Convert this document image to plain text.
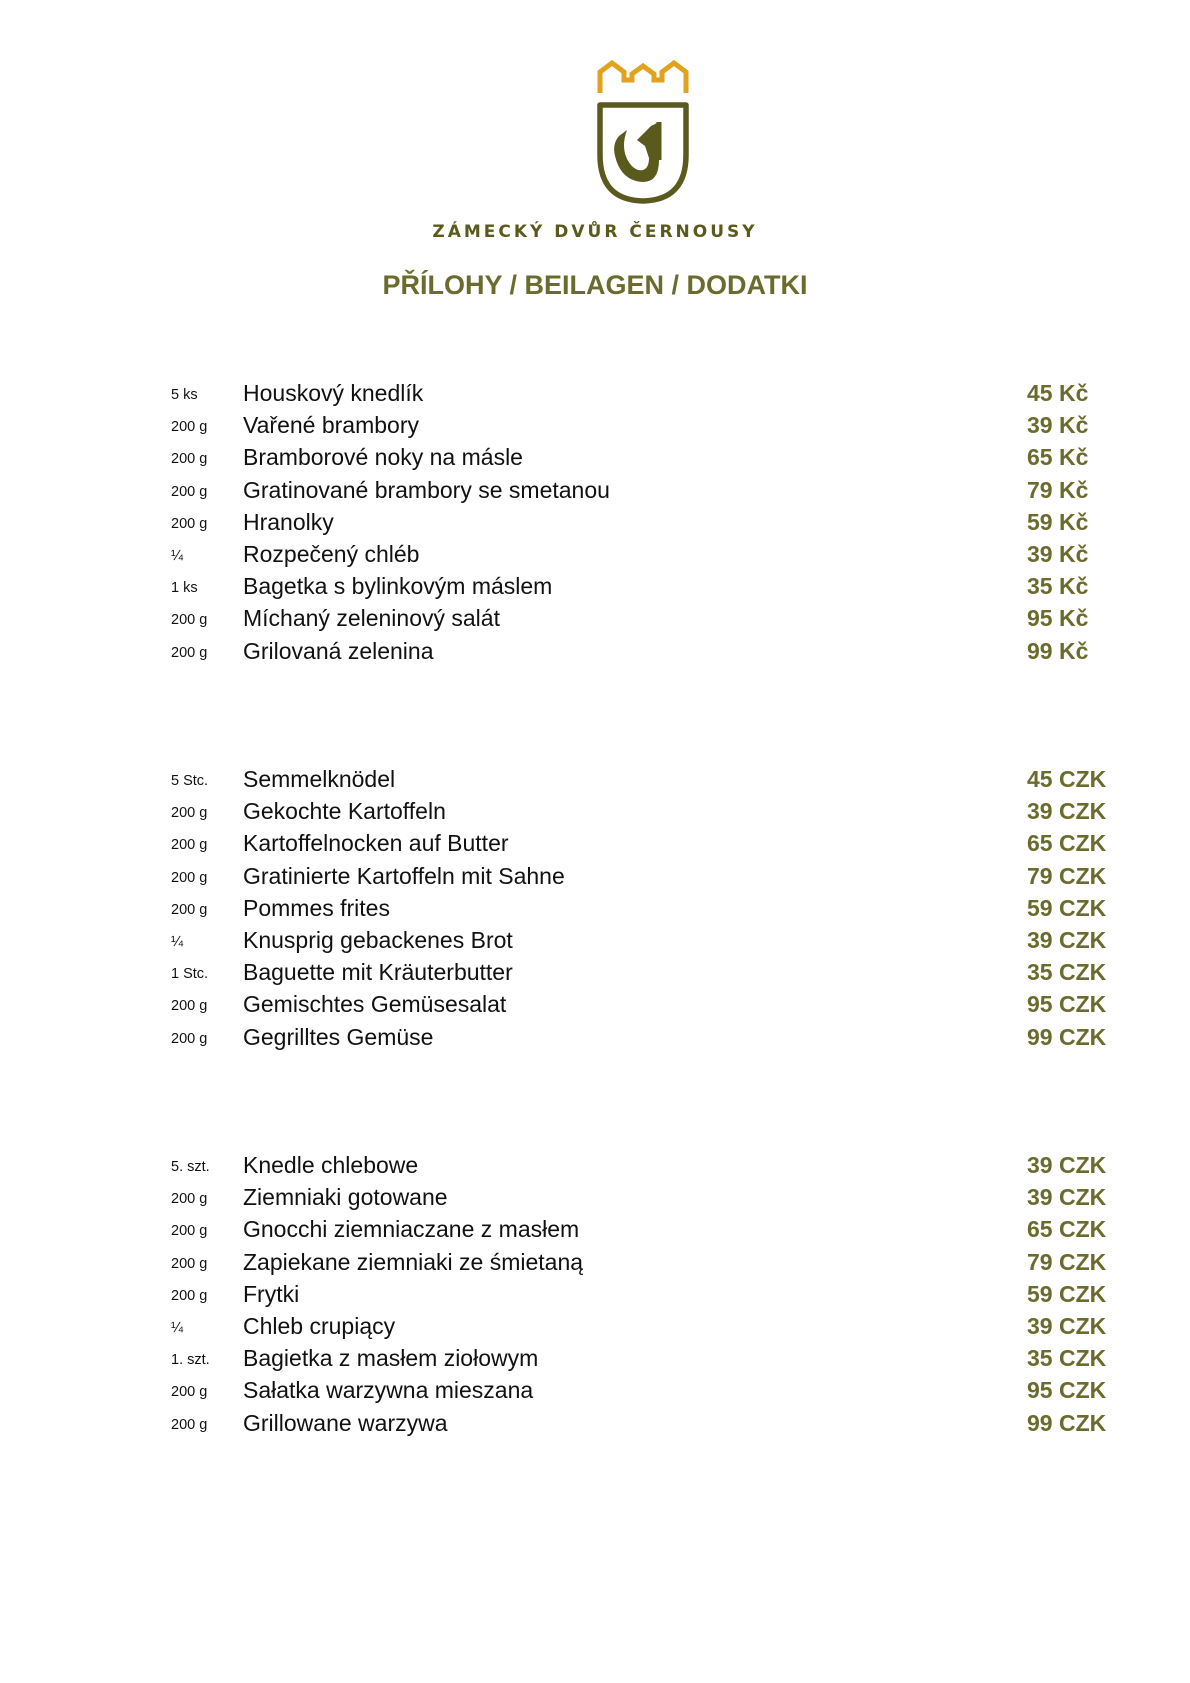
ZÁMECKÝ DVŮR ČERNOUSY
PŘÍLOHY / BEILAGEN / DODATKI
5 ks Houskový knedlík	45 Kč
200 g Vařené brambory	39 Kč
200 g Bramborové noky na másle	65 Kč
200 g Gratinované brambory se smetanou	79 Kč
200 g Hranolky	59 Kč
¼	Rozpečený chléb	39 Kč
1 ks Bagetka s bylinkovým máslem	35 Kč
200 g Míchaný zeleninový salát	95 Kč
200 g Grilovaná zelenina	99 Kč
5 Stc. Semmelknödel	45 CZK
200 g Gekochte Kartoffeln	39 CZK
200 g Kartoffelnocken auf Butter	65 CZK
200 g Gratinierte Kartoffeln mit Sahne	79 CZK
200 g Pommes frites	59 CZK
¼	Knusprig gebackenes Brot	39 CZK
1 Stc. Baguette mit Kräuterbutter	35 CZK
200 g Gemischtes Gemüsesalat	95 CZK
200 g Gegrilltes Gemüse	99 CZK
5. szt. Knedle chlebowe	39 CZK
200 g Ziemniaki gotowane	39 CZK
200 g Gnocchi ziemniaczane z masłem	65 CZK
200 g Zapiekane ziemniaki ze śmietaną	79 CZK
200 g Frytki	59 CZK
¼	Chleb crupiący	39 CZK
1. szt. Bagietka z masłem ziołowym	35 CZK
200 g Sałatka warzywna mieszana	95 CZK
200 g Grillowane warzywa	99 CZK
